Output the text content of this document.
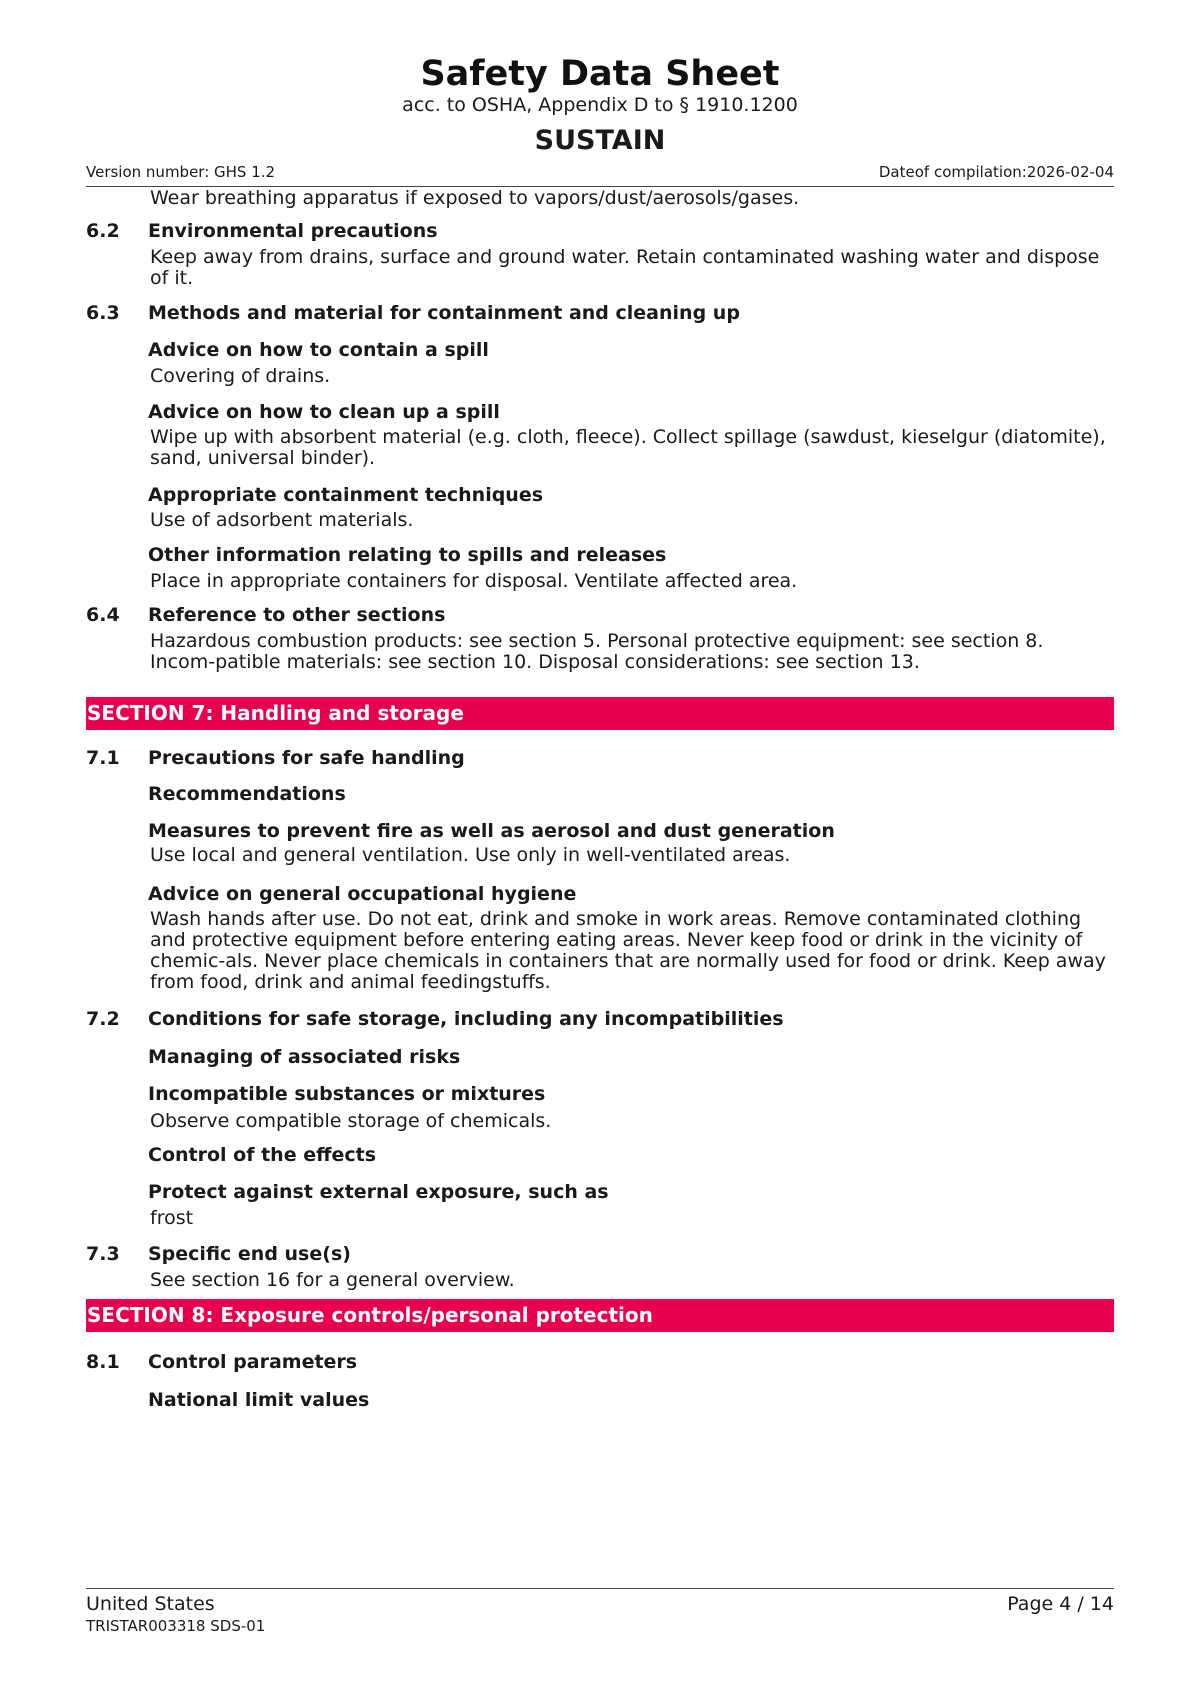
Safety Data Sheet
acc. to OSHA, Appendix D to § 1910.1200
SUSTAIN
Version number: GHS 1.2	Dateof compilation:2026-02-04
Wear breathing apparatus if exposed to vapors/dust/aerosols/gases.
6.2 Environmental precautions
Keep away from drains, surface and ground water. Retain contaminated washing water and dispose of it.
6.3 Methods and material for containment and cleaning up
Advice on how to contain a spill
Covering of drains.
Advice on how to clean up a spill
Wipe up with absorbent material (e.g. cloth, fleece). Collect spillage (sawdust, kieselgur (diatomite), sand, universal binder).
Appropriate containment techniques
Use of adsorbent materials.
Other information relating to spills and releases
Place in appropriate containers for disposal. Ventilate affected area.
6.4 Reference to other sections
Hazardous combustion products: see section 5. Personal protective equipment: see section 8. Incom-patible materials: see section 10. Disposal considerations: see section 13.
SECTION 7: Handling and storage
7.1 Precautions for safe handling
Recommendations
Measures to prevent fire as well as aerosol and dust generation
Use local and general ventilation. Use only in well-ventilated areas.
Advice on general occupational hygiene
Wash hands after use. Do not eat, drink and smoke in work areas. Remove contaminated clothing and protective equipment before entering eating areas. Never keep food or drink in the vicinity of chemic-als. Never place chemicals in containers that are normally used for food or drink. Keep away from food, drink and animal feedingstuffs.
7.2 Conditions for safe storage, including any incompatibilities
Managing of associated risks
Incompatible substances or mixtures
Observe compatible storage of chemicals.
Control of the effects
Protect against external exposure, such as
frost
7.3 Specific end use(s)
See section 16 for a general overview.
SECTION 8: Exposure controls/personal protection
8.1 Control parameters
National limit values
United States
TRISTAR003318 SDS-01
Page 4 / 14
